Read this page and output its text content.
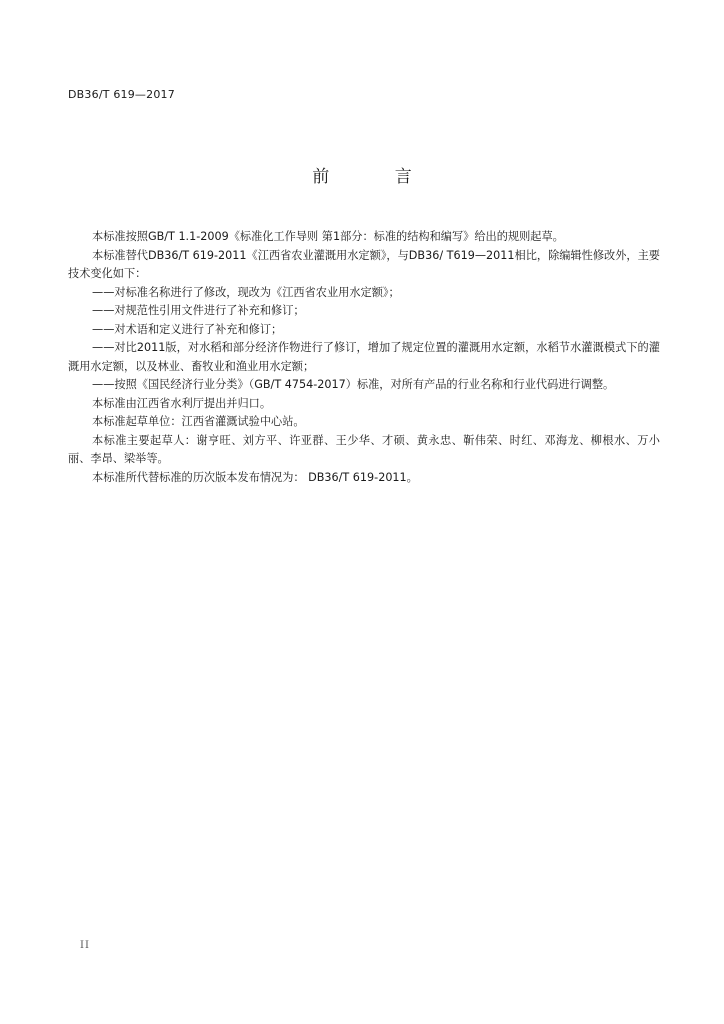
DB36/T 619—2017
前 言

本标准按照GB/T 1.1-2009《标准化工作导则 第1部分：标准的结构和编写》给出的规则起草。

本标准替代DB36/T 619-2011《江西省农业灌溉用水定额》，与DB36/ T619—2011相比，除编辑性修改外，主要技术变化如下：

——对标准名称进行了修改，现改为《江西省农业用水定额》；

——对规范性引用文件进行了补充和修订；

——对术语和定义进行了补充和修订；

——对比2011版，对水稻和部分经济作物进行了修订，增加了规定位置的灌溉用水定额，水稻节水灌溉模式下的灌溉用水定额，以及林业、畜牧业和渔业用水定额；

——按照《国民经济行业分类》（GB/T 4754-2017）标准，对所有产品的行业名称和行业代码进行调整。

本标准由江西省水利厅提出并归口。

本标准起草单位：江西省灌溉试验中心站。

本标准主要起草人：谢亨旺、刘方平、许亚群、王少华、才硕、黄永忠、靳伟荣、时红、邓海龙、柳根水、万小丽、李昂、梁举等。

本标准所代替标准的历次版本发布情况为： DB36/T 619-2011。

II
